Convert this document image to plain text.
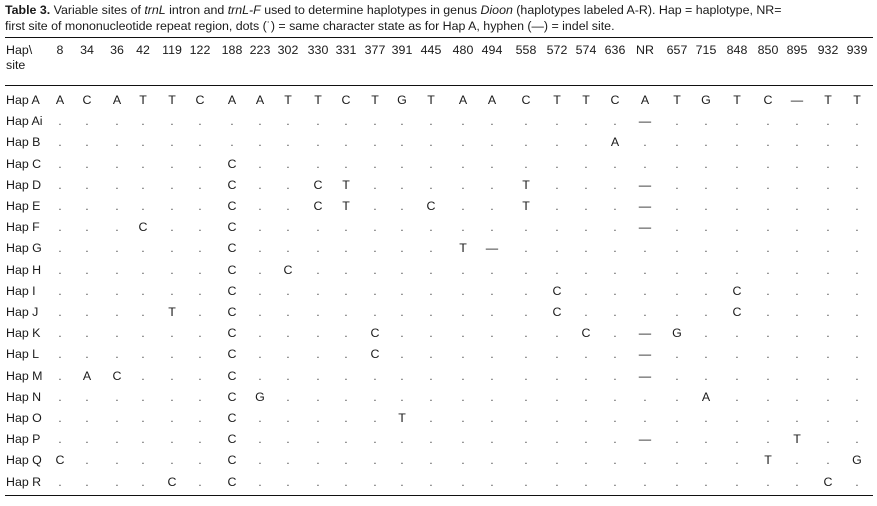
Table 3. Variable sites of trnL intron and trnL-F used to determine haplotypes in genus Dioon (haplotypes labeled A-R). Hap = haplotype, NR=
first site of mononucleotide repeat region, dots (˙) = same character state as for Hap A, hyphen (—) = indel site.
Hap\
site
8 34 36 42 119 122 188 223 302 330 331 377 391 445 480 494 558 572 574 636 NR 657 715 848 850 895 932 939
Hap A A C A T T C A A T T C T G T A A C T T C A T G T C — T T
Hap Ai . . . . . . . . . . . . . . . . . . . . — . . . . . . .
Hap B . . . . . . . . . . . . . . . . . . . A . . . . . . . .
Hap C . . . . . . C . . . . . . . . . . . . . . . . . . . . .
Hap D . . . . . . C . . C T . . . . . T . . . — . . . . . . .
Hap E . . . . . . C . . C T . . C . . T . . . — . . . . . . .
Hap F . . . C . . C . . . . . . . . . . . . . — . . . . . . .
Hap G . . . . . . C . . . . . . . T — . . . . . . . . . . . .
Hap H . . . . . . C . C . . . . . . . . . . . . . . . . . . .
Hap I . . . . . . C . . . . . . . . . . C . . . . . C . . . .
Hap J . . . . T . C . . . . . . . . . . C . . . . . C . . . .
Hap K . . . . . . C . . . . C . . . . . . C . — G . . . . . .
Hap L . . . . . . C . . . . C . . . . . . . . — . . . . . . .
Hap M . A C . . . C . . . . . . . . . . . . . — . . . . . . .
Hap N . . . . . . C G . . . . . . . . . . . . . . A . . . . .
Hap O . . . . . . C . . . . . T . . . . . . . . . . . . . . .
Hap P . . . . . . C . . . . . . . . . . . . . — . . . . T . .
Hap Q C . . . . . C . . . . . . . . . . . . . . . . . T . . G
Hap R . . . . C . C . . . . . . . . . . . . . . . . . . . C .
